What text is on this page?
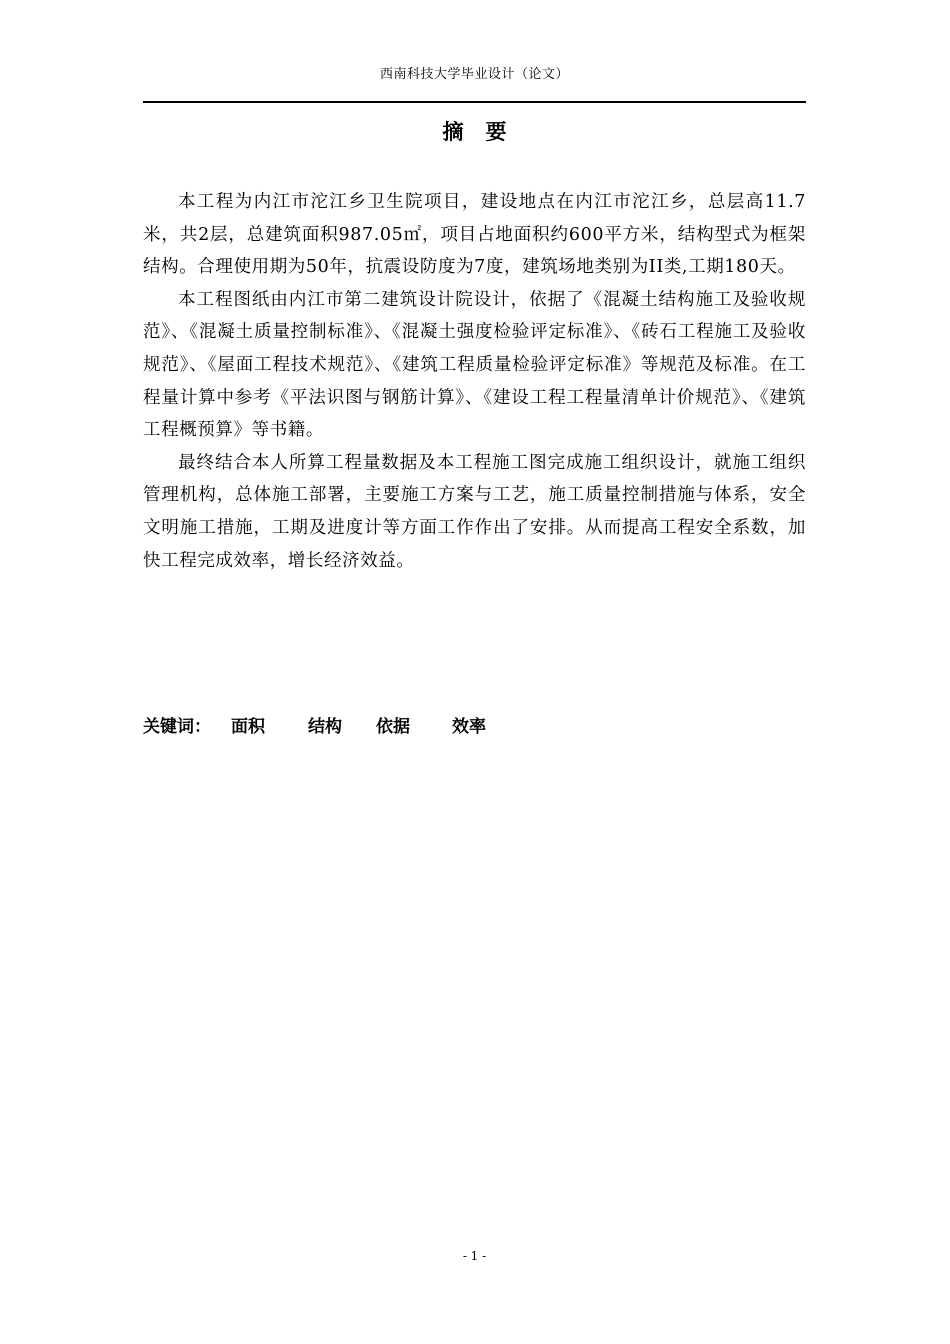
西南科技大学毕业设计（论文）
摘要

本工程为内江市沱江乡卫生院项目，建设地点在内江市沱江乡，总层高11.7米，共2层，总建筑面积987.05㎡，项目占地面积约600平方米，结构型式为框架结构。合理使用期为50年，抗震设防度为7度，建筑场地类别为II类,工期180天。

本工程图纸由内江市第二建筑设计院设计，依据了《混凝土结构施工及验收规范》、《混凝土质量控制标准》、《混凝土强度检验评定标准》、《砖石工程施工及验收规范》、《屋面工程技术规范》、《建筑工程质量检验评定标准》等规范及标准。在工程量计算中参考《平法识图与钢筋计算》、《建设工程工程量清单计价规范》、《建筑工程概预算》等书籍。

最终结合本人所算工程量数据及本工程施工图完成施工组织设计，就施工组织管理机构，总体施工部署，主要施工方案与工艺，施工质量控制措施与体系，安全文明施工措施，工期及进度计等方面工作作出了安排。从而提高工程安全系数，加快工程完成效率，增长经济效益。

关键词： 面积	结构 依据 效率
- 1 -
